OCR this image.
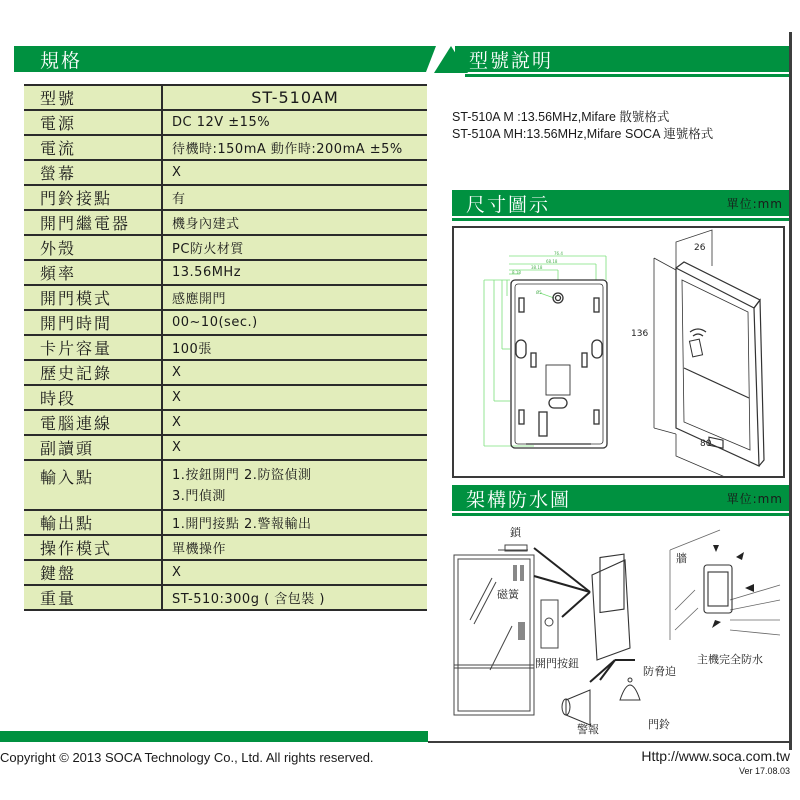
規格
型號	ST-510AM
電源	DC 12V ±15%
電流	待機時:150mA 動作時:200mA ±5%
螢幕	X
門鈴接點	有
開門繼電器	機身內建式
外殼	PC防火材質
頻率	13.56MHz
開門模式	感應開門
開門時間	00~10(sec.)
卡片容量	100張
歷史記錄	X
時段	X
電腦連線	X
副讀頭	X
輸入點	1.按鈕開門 2.防盜偵測
3.門偵測

輸出點	1.開門接點 2.警報輸出
操作模式	單機操作
鍵盤	X
重量	ST-510:300g ( 含包裝 )
型號說明
ST-510A M :13.56MHz,Mifare 散號格式
ST-510A MH:13.56MHz,Mifare SOCA 連號格式
尺寸圖示	單位:mm
76.4
68.18
38.18
8.18
Ø5
26
136
80
架構防水圖	單位:mm
鎖
磁簧
開門按鈕
警報	門鈴
防脅迫
牆
主機完全防水
Copyright © 2013 SOCA Technology Co., Ltd. All rights reserved.	Http://www.soca.com.tw
Ver 17.08.03
